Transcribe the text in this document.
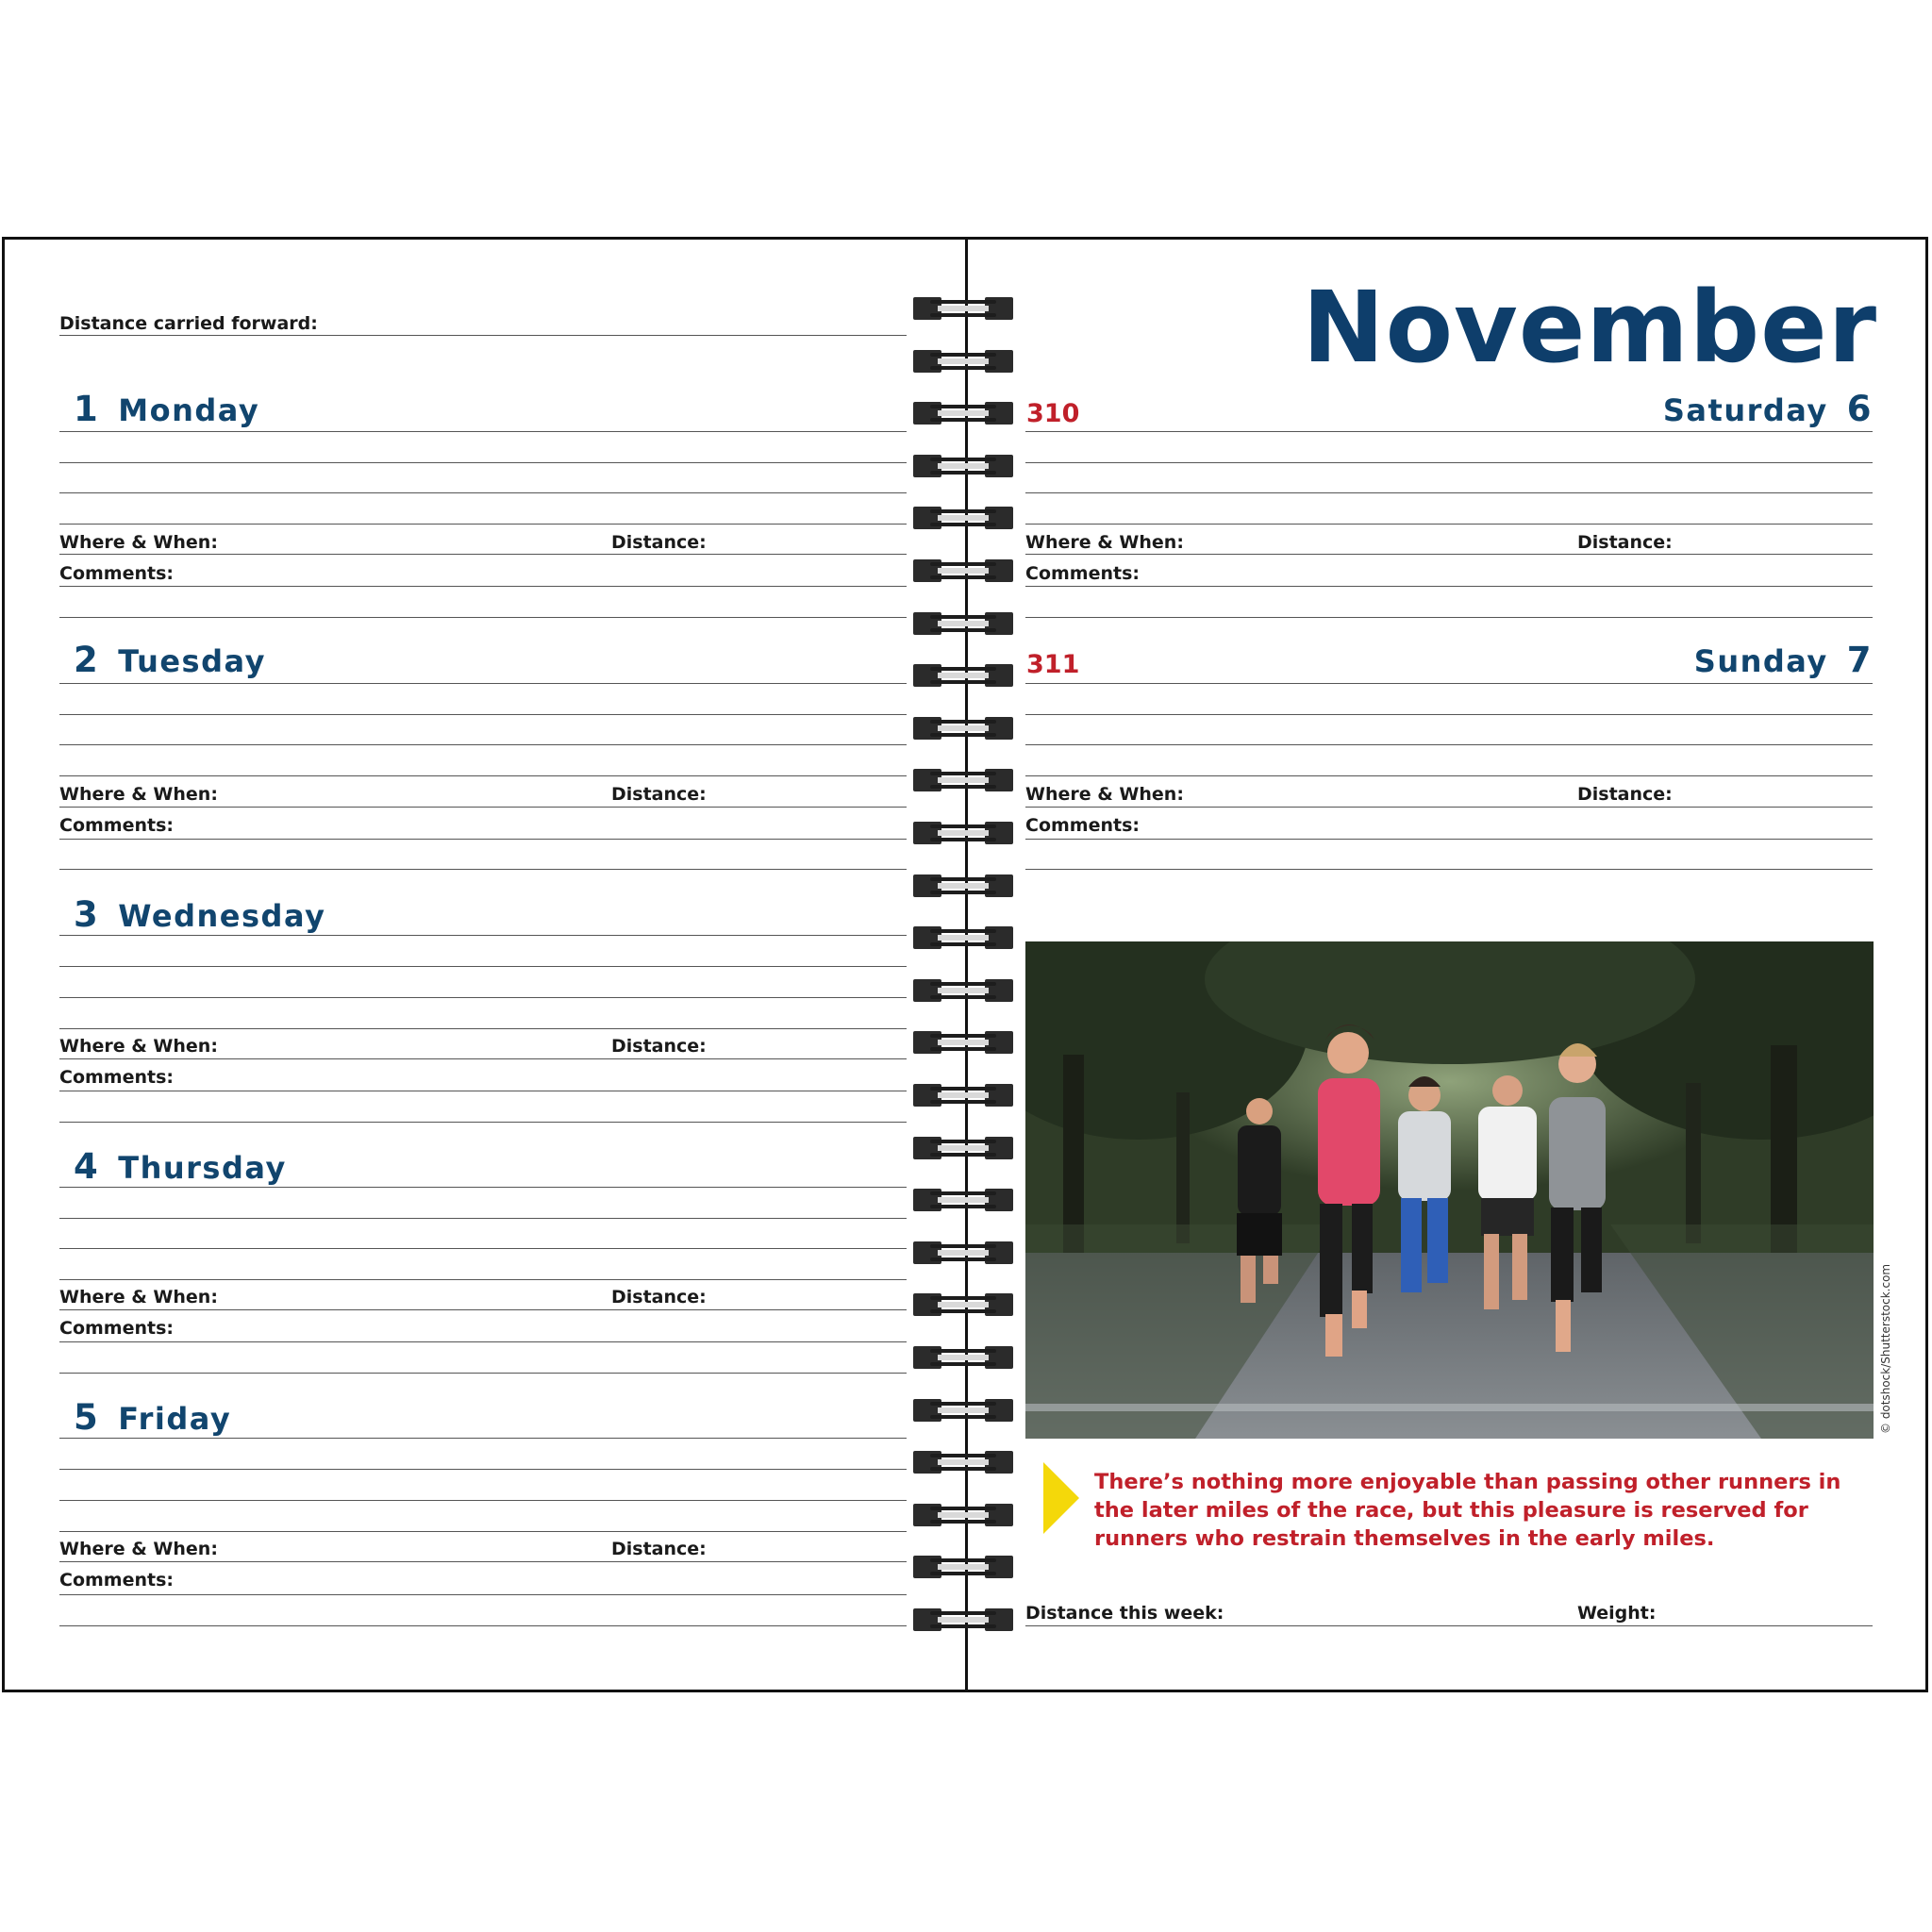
Distance carried forward:
1 Monday
Where & When:	Distance:
Comments:
2 Tuesday
Where & When:	Distance:
Comments:
3 Wednesday
Where & When:	Distance:
Comments:
4 Thursday
Where & When:	Distance:
Comments:
5 Friday
Where & When:	Distance:
Comments:
November
310	Saturday 6
Where & When:	Distance:
Comments:
311	Sunday 7
Where & When:	Distance:
Comments:
© dotshock/Shutterstock.com
There’s nothing more enjoyable than passing other runners in the later miles of the race, but this pleasure is reserved for runners who restrain themselves in the early miles.
Distance this week:	Weight:
